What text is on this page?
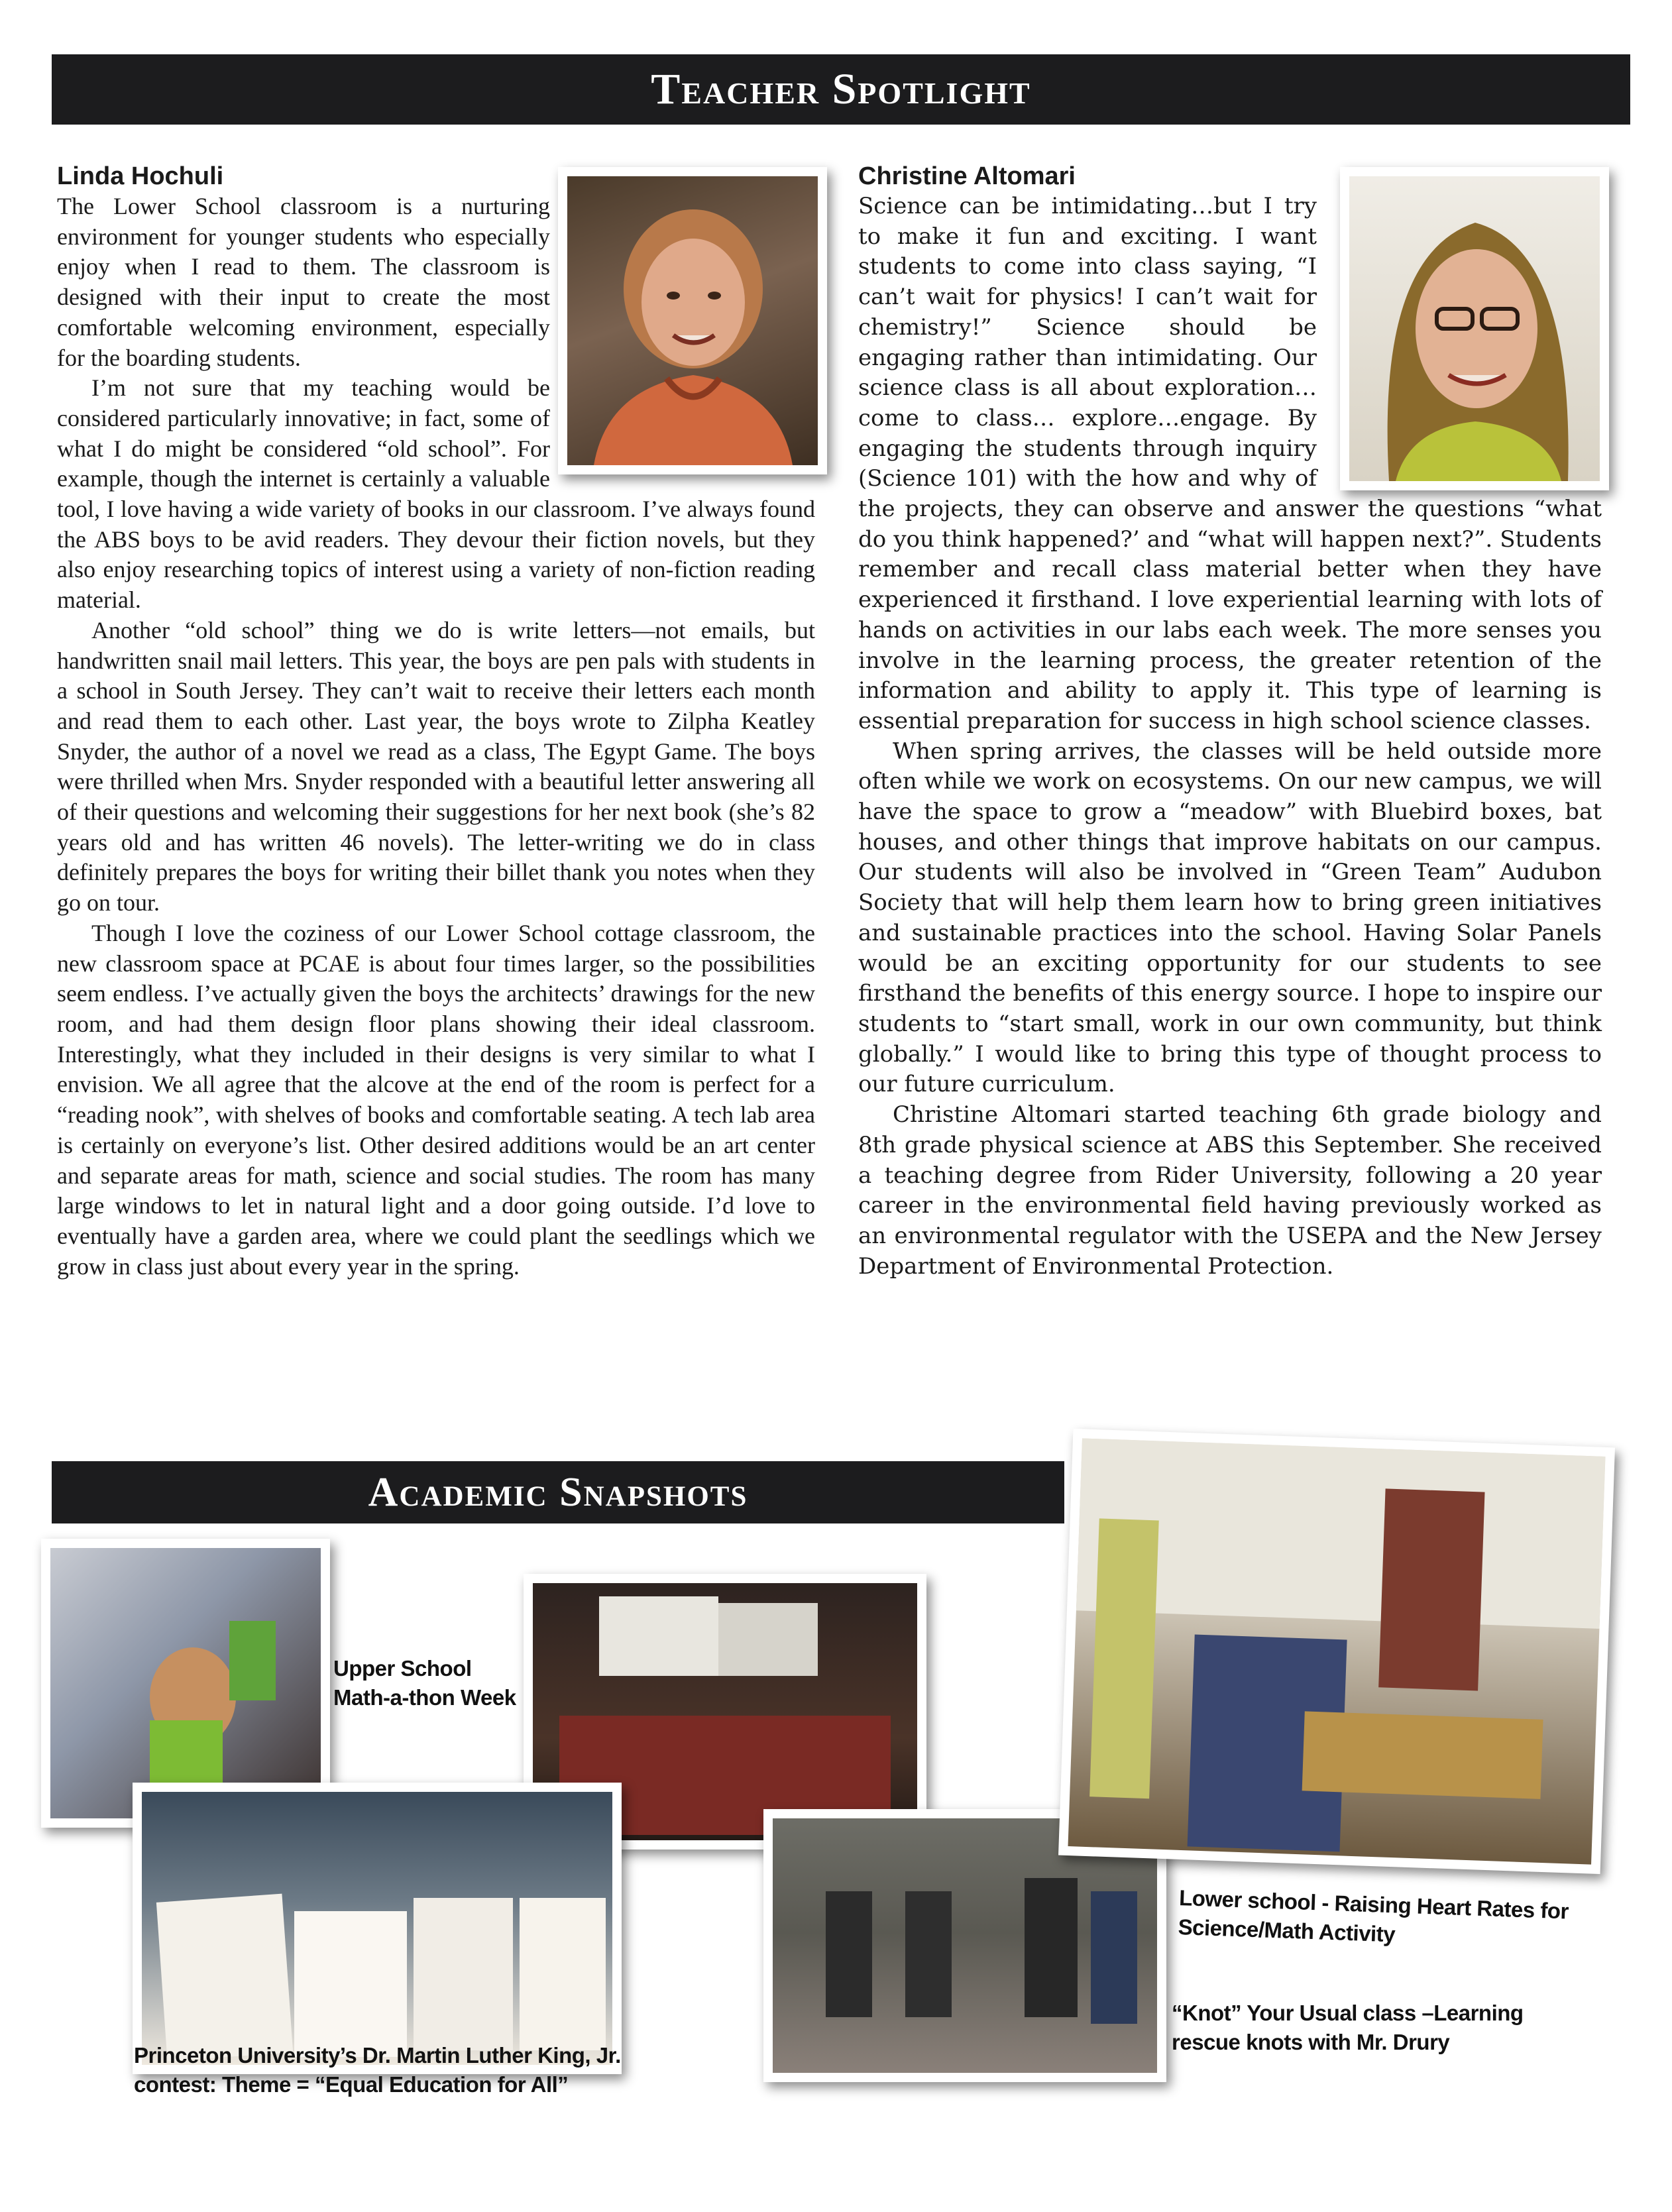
Teacher Spotlight
Academic Snapshots
Linda Hochuli

The Lower School classroom is a nurturing environment for younger students who especially enjoy when I read to them. The classroom is designed with their input to create the most comfortable welcoming environment, especially for the boarding students.

I’m not sure that my teaching would be considered particularly innovative; in fact, some of what I do might be considered “old school”. For example, though the internet is certainly a valuable tool, I love having a wide variety of books in our classroom. I’ve always found the ABS boys to be avid readers. They devour their fiction novels, but they also enjoy researching topics of interest using a variety of non-fiction reading material.

Another “old school” thing we do is write letters—not emails, but handwritten snail mail letters. This year, the boys are pen pals with students in a school in South Jersey. They can’t wait to receive their letters each month and read them to each other. Last year, the boys wrote to Zilpha Keatley Snyder, the author of a novel we read as a class, The Egypt Game. The boys were thrilled when Mrs. Snyder responded with a beautiful letter answering all of their questions and welcoming their suggestions for her next book (she’s 82 years old and has written 46 novels). The letter-writing we do in class definitely prepares the boys for writing their billet thank you notes when they go on tour.

Though I love the coziness of our Lower School cottage classroom, the new classroom space at PCAE is about four times larger, so the possibilities seem endless. I’ve actually given the boys the architects’ drawings for the new room, and had them design floor plans showing their ideal classroom. Interestingly, what they included in their designs is very similar to what I envision. We all agree that the alcove at the end of the room is perfect for a “reading nook”, with shelves of books and comfortable seating. A tech lab area is certainly on everyone’s list. Other desired additions would be an art center and separate areas for math, science and social studies. The room has many large windows to let in natural light and a door going outside. I’d love to eventually have a garden area, where we could plant the seedlings which we grow in class just about every year in the spring.

Christine Altomari

Science can be intimidating…but I try to make it fun and exciting. I want students to come into class saying, “I can’t wait for physics! I can’t wait for chemistry!” Science should be engaging rather than intimidating. Our science class is all about exploration…come to class… explore…engage. By engaging the students through inquiry (Science 101) with the how and why of the projects, they can observe and answer the questions “what do you think happened?’ and “what will happen next?”. Students remember and recall class material better when they have experienced it firsthand. I love experiential learning with lots of hands on activities in our labs each week. The more senses you involve in the learning process, the greater retention of the information and ability to apply it. This type of learning is essential preparation for success in high school science classes.

When spring arrives, the classes will be held outside more often while we work on ecosystems. On our new campus, we will have the space to grow a “meadow” with Bluebird boxes, bat houses, and other things that improve habitats on our campus. Our students will also be involved in “Green Team” Audubon Society that will help them learn how to bring green initiatives and sustainable practices into the school. Having Solar Panels would be an exciting opportunity for our students to see firsthand the benefits of this energy source. I hope to inspire our students to “start small, work in our own community, but think globally.” I would like to bring this type of thought process to our future curriculum.

Christine Altomari started teaching 6th grade biology and 8th grade physical science at ABS this September. She received a teaching degree from Rider University, following a 20 year career in the environmental field having previously worked as an environmental regulator with the USEPA and the New Jersey Department of Environmental Protection.

Upper School
Math-a-thon Week
Princeton University’s Dr. Martin Luther King, Jr.
contest: Theme = “Equal Education for All”
“Knot” Your Usual class –Learning
rescue knots with Mr. Drury
Lower school - Raising Heart Rates for
Science/Math Activity
